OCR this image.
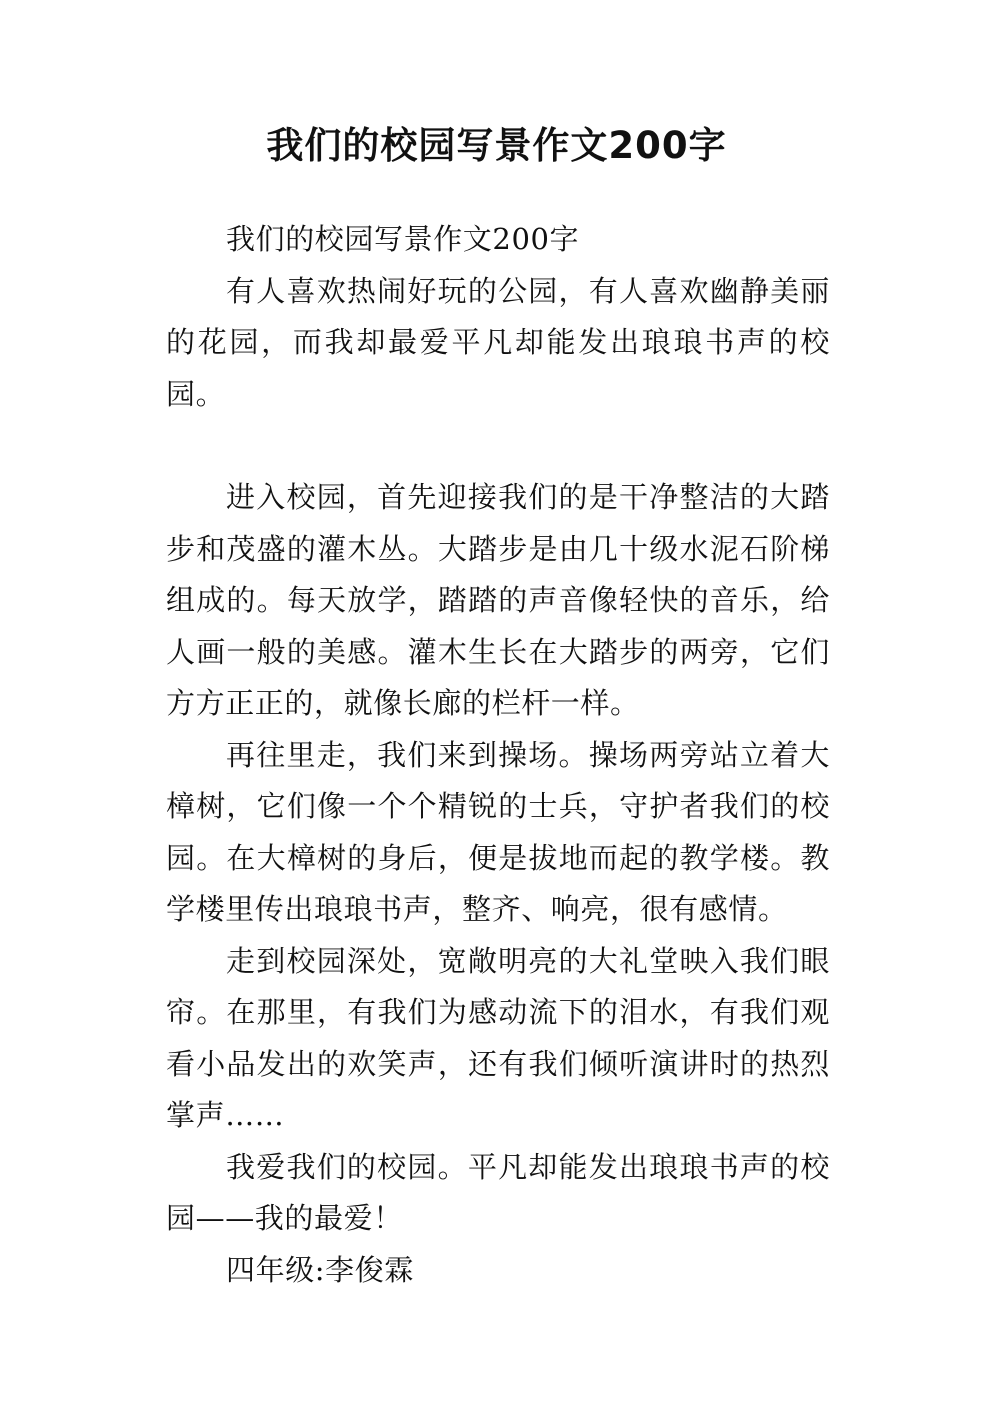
我们的校园写景作文200字

我们的校园写景作文200字

有人喜欢热闹好玩的公园，有人喜欢幽静美丽的花园，而我却最爱平凡却能发出琅琅书声的校园。

进入校园，首先迎接我们的是干净整洁的大踏步和茂盛的灌木丛。大踏步是由几十级水泥石阶梯组成的。每天放学，踏踏的声音像轻快的音乐，给人画一般的美感。灌木生长在大踏步的两旁，它们方方正正的，就像长廊的栏杆一样。

再往里走，我们来到操场。操场两旁站立着大樟树，它们像一个个精锐的士兵，守护者我们的校园。在大樟树的身后，便是拔地而起的教学楼。教学楼里传出琅琅书声，整齐、响亮，很有感情。

走到校园深处，宽敞明亮的大礼堂映入我们眼帘。在那里，有我们为感动流下的泪水，有我们观看小品发出的欢笑声，还有我们倾听演讲时的热烈掌声……

我爱我们的校园。平凡却能发出琅琅书声的校园——我的最爱！

四年级:李俊霖
